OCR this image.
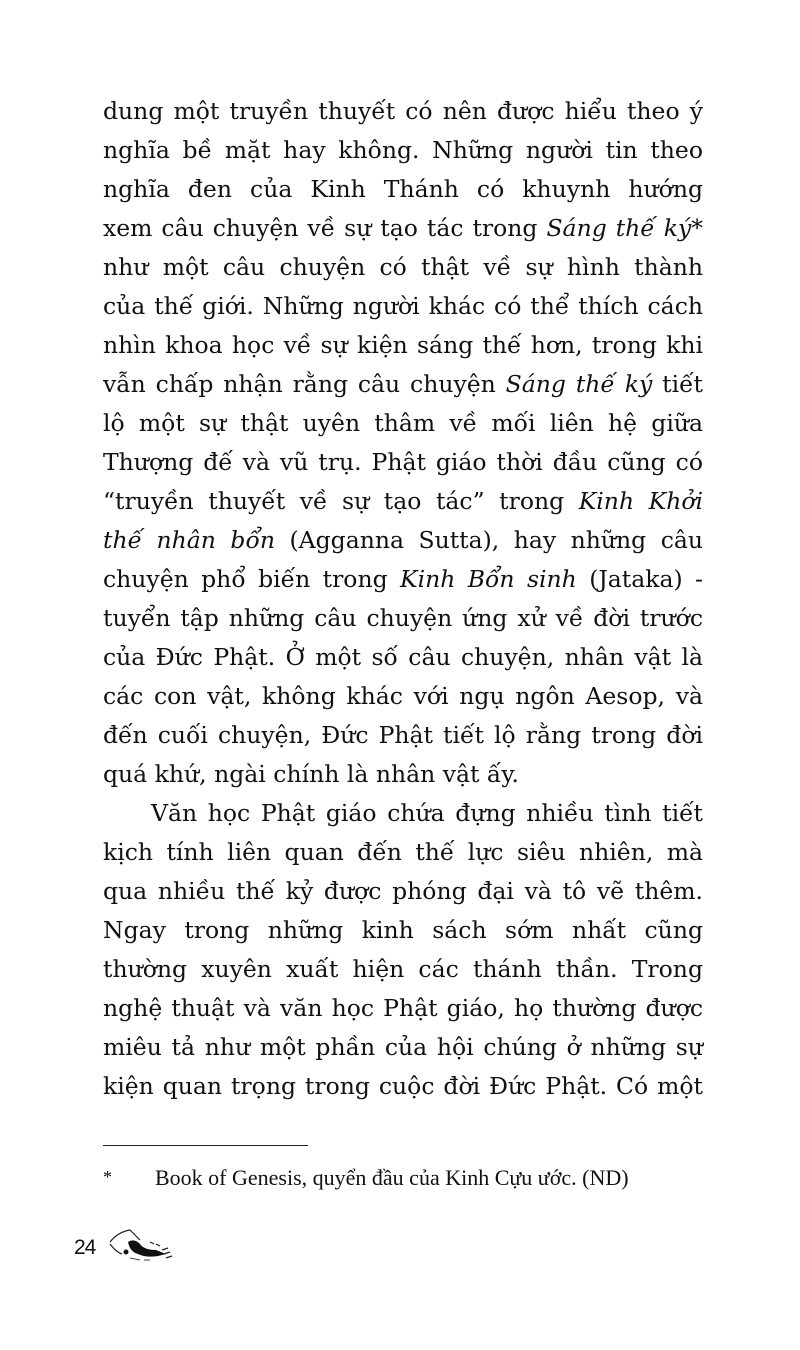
dung một truyền thuyết có nên được hiểu theo ý
nghĩa bề mặt hay không. Những người tin theo
nghĩa đen của Kinh Thánh có khuynh hướng
xem câu chuyện về sự tạo tác trong Sáng thế ký*
như một câu chuyện có thật về sự hình thành
của thế giới. Những người khác có thể thích cách
nhìn khoa học về sự kiện sáng thế hơn, trong khi
vẫn chấp nhận rằng câu chuyện Sáng thế ký tiết
lộ một sự thật uyên thâm về mối liên hệ giữa
Thượng đế và vũ trụ. Phật giáo thời đầu cũng có
“truyền thuyết về sự tạo tác” trong Kinh Khởi
thế nhân bổn (Agganna Sutta), hay những câu
chuyện phổ biến trong Kinh Bổn sinh (Jataka) -
tuyển tập những câu chuyện ứng xử về đời trước
của Đức Phật. Ở một số câu chuyện, nhân vật là
các con vật, không khác với ngụ ngôn Aesop, và
đến cuối chuyện, Đức Phật tiết lộ rằng trong đời
quá khứ, ngài chính là nhân vật ấy.
Văn học Phật giáo chứa đựng nhiều tình tiết
kịch tính liên quan đến thế lực siêu nhiên, mà
qua nhiều thế kỷ được phóng đại và tô vẽ thêm.
Ngay trong những kinh sách sớm nhất cũng
thường xuyên xuất hiện các thánh thần. Trong
nghệ thuật và văn học Phật giáo, họ thường được
miêu tả như một phần của hội chúng ở những sự
kiện quan trọng trong cuộc đời Đức Phật. Có một
* Book of Genesis, quyển đầu của Kinh Cựu ước. (ND)
24
